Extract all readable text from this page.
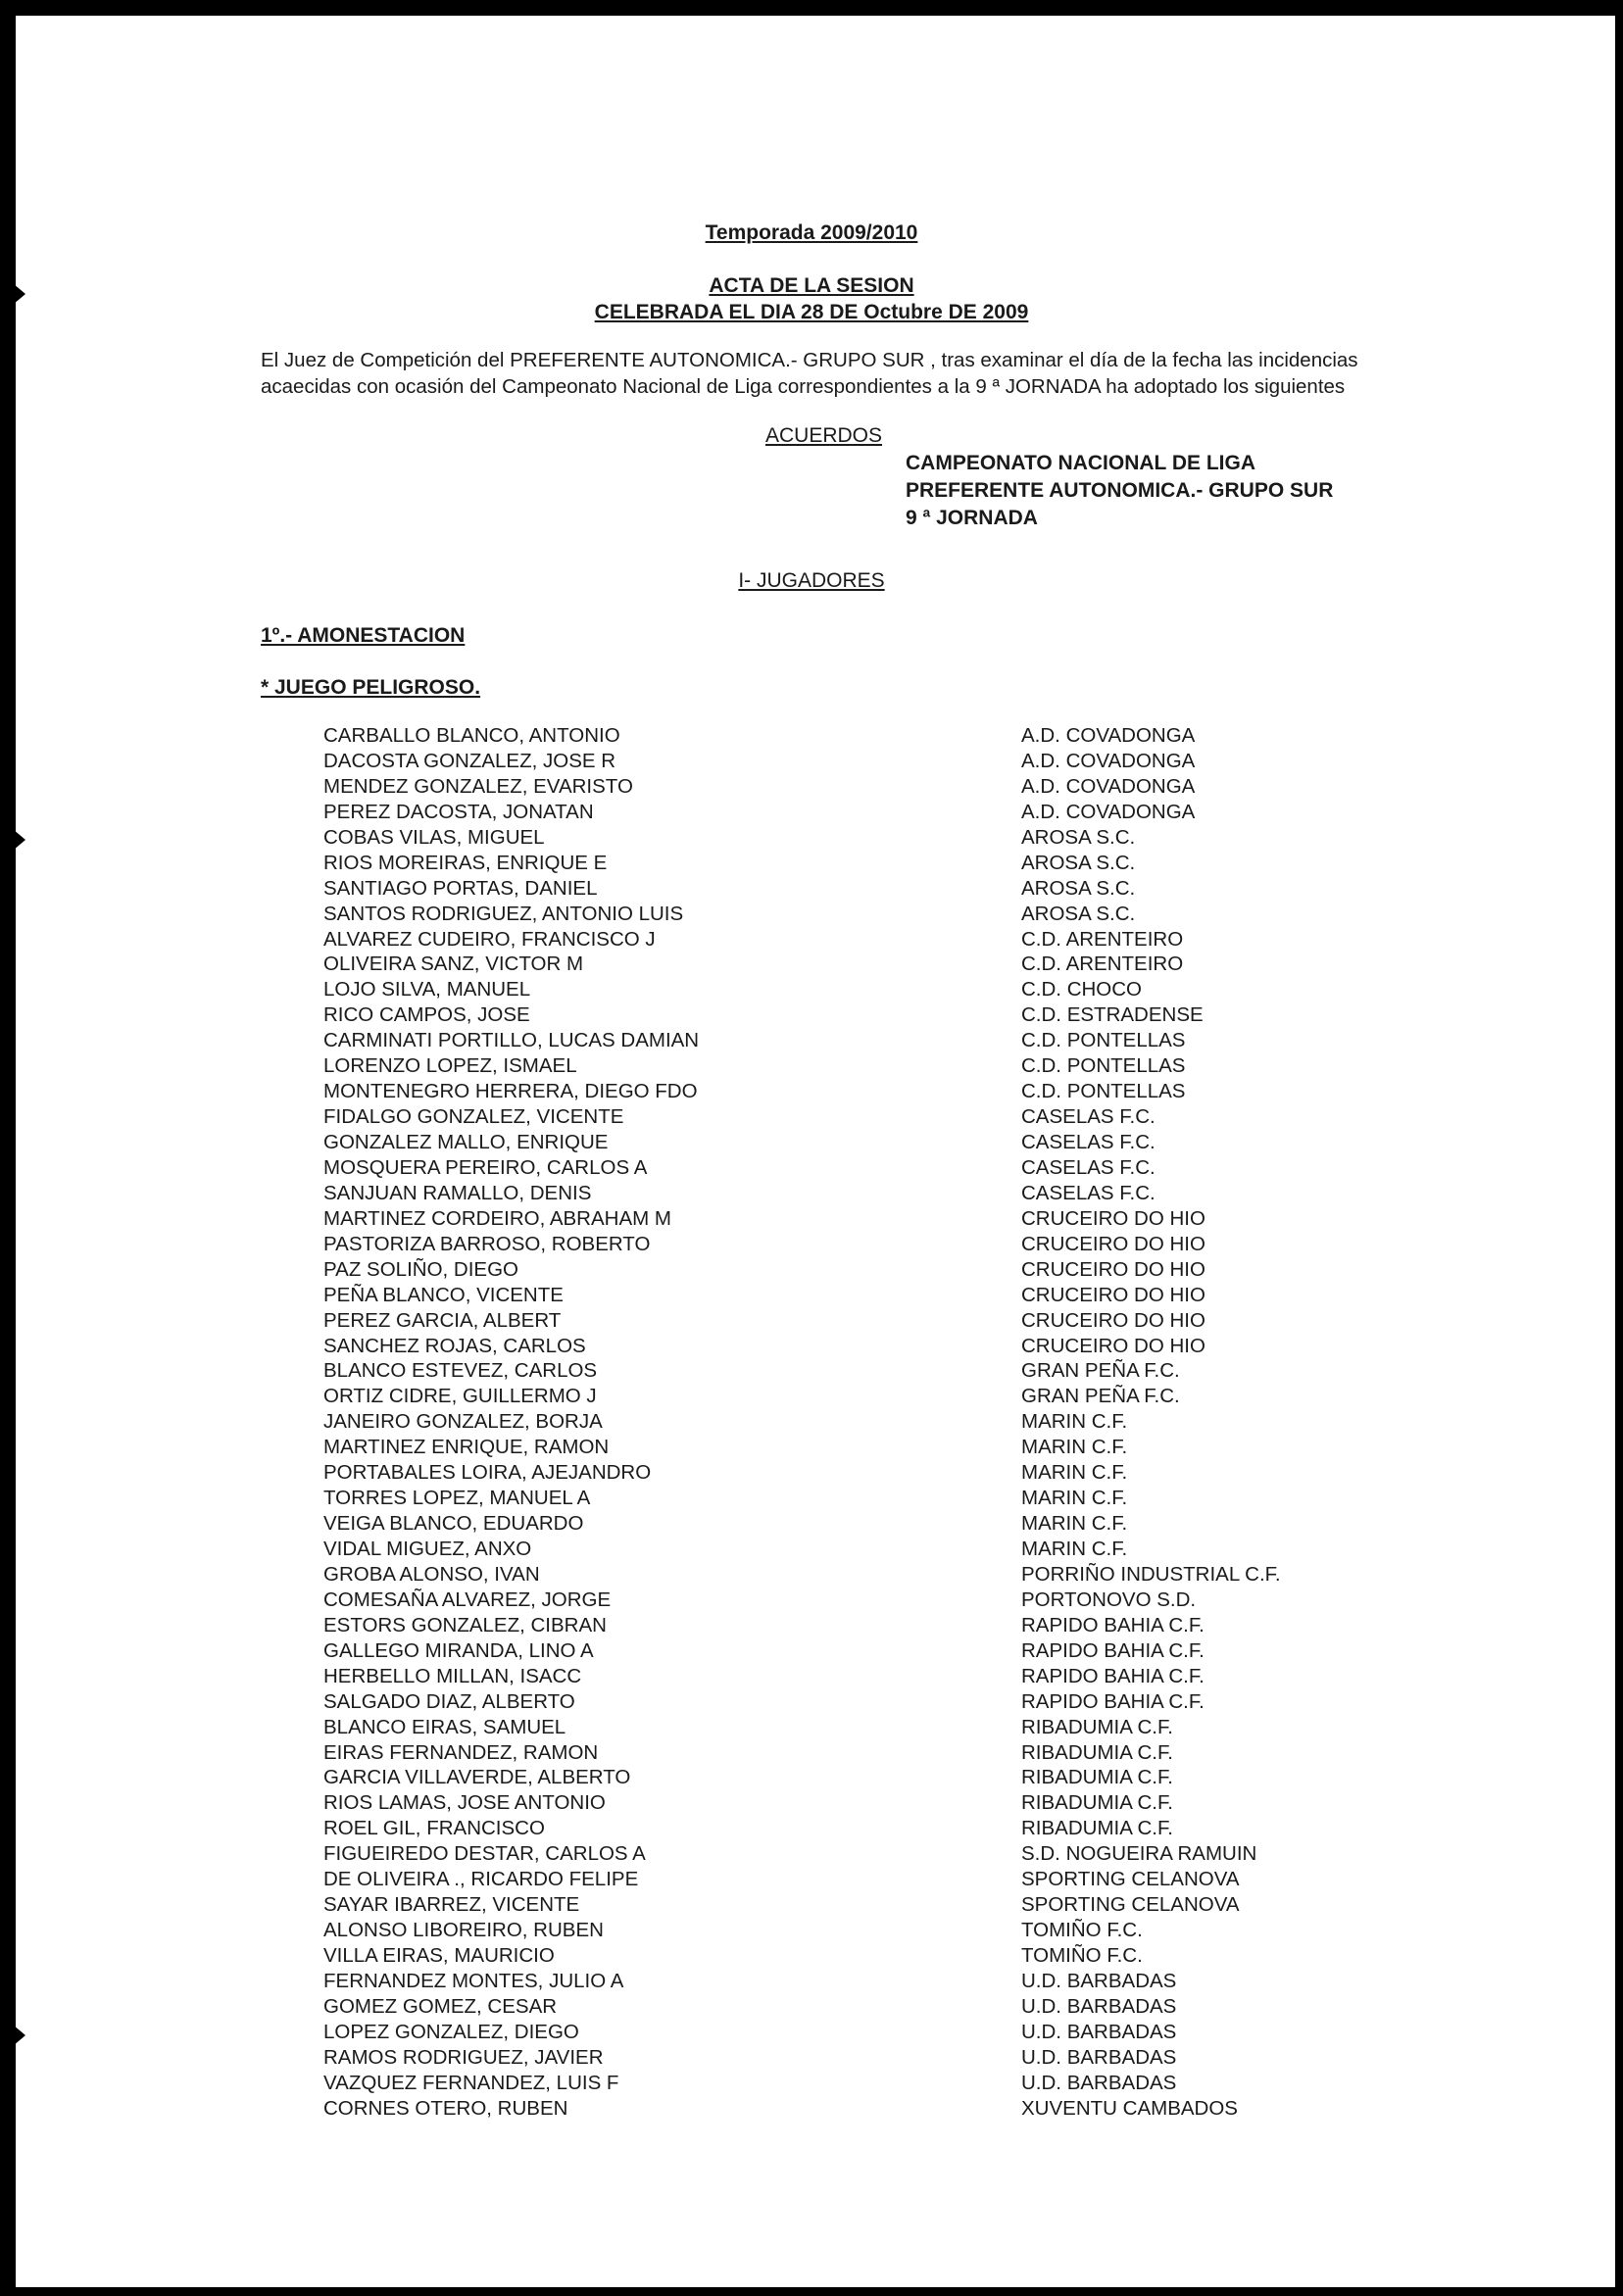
Temporada 2009/2010
ACTA DE LA SESION
CELEBRADA EL DIA 28 DE Octubre DE 2009
El Juez de Competición del PREFERENTE AUTONOMICA.- GRUPO SUR , tras examinar el día de la fecha las incidencias
acaecidas con ocasión del Campeonato Nacional de Liga correspondientes a la 9 ª JORNADA ha adoptado los siguientes
ACUERDOS
CAMPEONATO NACIONAL DE LIGA
PREFERENTE AUTONOMICA.- GRUPO SUR
9 ª JORNADA
I- JUGADORES
1º.- AMONESTACION
* JUEGO PELIGROSO.
CARBALLO BLANCO, ANTONIO	A.D. COVADONGA
DACOSTA GONZALEZ, JOSE R	A.D. COVADONGA
MENDEZ GONZALEZ, EVARISTO	A.D. COVADONGA
PEREZ DACOSTA, JONATAN	A.D. COVADONGA
COBAS VILAS, MIGUEL	AROSA S.C.
RIOS MOREIRAS, ENRIQUE E	AROSA S.C.
SANTIAGO PORTAS, DANIEL	AROSA S.C.
SANTOS RODRIGUEZ, ANTONIO LUIS	AROSA S.C.
ALVAREZ CUDEIRO, FRANCISCO J	C.D. ARENTEIRO
OLIVEIRA SANZ, VICTOR M	C.D. ARENTEIRO
LOJO SILVA, MANUEL	C.D. CHOCO
RICO CAMPOS, JOSE	C.D. ESTRADENSE
CARMINATI PORTILLO, LUCAS DAMIAN	C.D. PONTELLAS
LORENZO LOPEZ, ISMAEL	C.D. PONTELLAS
MONTENEGRO HERRERA, DIEGO FDO	C.D. PONTELLAS
FIDALGO GONZALEZ, VICENTE	CASELAS F.C.
GONZALEZ MALLO, ENRIQUE	CASELAS F.C.
MOSQUERA PEREIRO, CARLOS A	CASELAS F.C.
SANJUAN RAMALLO, DENIS	CASELAS F.C.
MARTINEZ CORDEIRO, ABRAHAM M	CRUCEIRO DO HIO
PASTORIZA BARROSO, ROBERTO	CRUCEIRO DO HIO
PAZ SOLIÑO, DIEGO	CRUCEIRO DO HIO
PEÑA BLANCO, VICENTE	CRUCEIRO DO HIO
PEREZ GARCIA, ALBERT	CRUCEIRO DO HIO
SANCHEZ ROJAS, CARLOS	CRUCEIRO DO HIO
BLANCO ESTEVEZ, CARLOS	GRAN PEÑA F.C.
ORTIZ CIDRE, GUILLERMO J	GRAN PEÑA F.C.
JANEIRO GONZALEZ, BORJA	MARIN C.F.
MARTINEZ ENRIQUE, RAMON	MARIN C.F.
PORTABALES LOIRA, AJEJANDRO	MARIN C.F.
TORRES LOPEZ, MANUEL A	MARIN C.F.
VEIGA BLANCO, EDUARDO	MARIN C.F.
VIDAL MIGUEZ, ANXO	MARIN C.F.
GROBA ALONSO, IVAN	PORRIÑO INDUSTRIAL C.F.
COMESAÑA ALVAREZ, JORGE	PORTONOVO S.D.
ESTORS GONZALEZ, CIBRAN	RAPIDO BAHIA C.F.
GALLEGO MIRANDA, LINO A	RAPIDO BAHIA C.F.
HERBELLO MILLAN, ISACC	RAPIDO BAHIA C.F.
SALGADO DIAZ, ALBERTO	RAPIDO BAHIA C.F.
BLANCO EIRAS, SAMUEL	RIBADUMIA C.F.
EIRAS FERNANDEZ, RAMON	RIBADUMIA C.F.
GARCIA VILLAVERDE, ALBERTO	RIBADUMIA C.F.
RIOS LAMAS, JOSE ANTONIO	RIBADUMIA C.F.
ROEL GIL, FRANCISCO	RIBADUMIA C.F.
FIGUEIREDO DESTAR, CARLOS A	S.D. NOGUEIRA RAMUIN
DE OLIVEIRA ., RICARDO FELIPE	SPORTING CELANOVA
SAYAR IBARREZ, VICENTE	SPORTING CELANOVA
ALONSO LIBOREIRO, RUBEN	TOMIÑO F.C.
VILLA EIRAS, MAURICIO	TOMIÑO F.C.
FERNANDEZ MONTES, JULIO A	U.D. BARBADAS
GOMEZ GOMEZ, CESAR	U.D. BARBADAS
LOPEZ GONZALEZ, DIEGO	U.D. BARBADAS
RAMOS RODRIGUEZ, JAVIER	U.D. BARBADAS
VAZQUEZ FERNANDEZ, LUIS F	U.D. BARBADAS
CORNES OTERO, RUBEN	XUVENTU CAMBADOS
